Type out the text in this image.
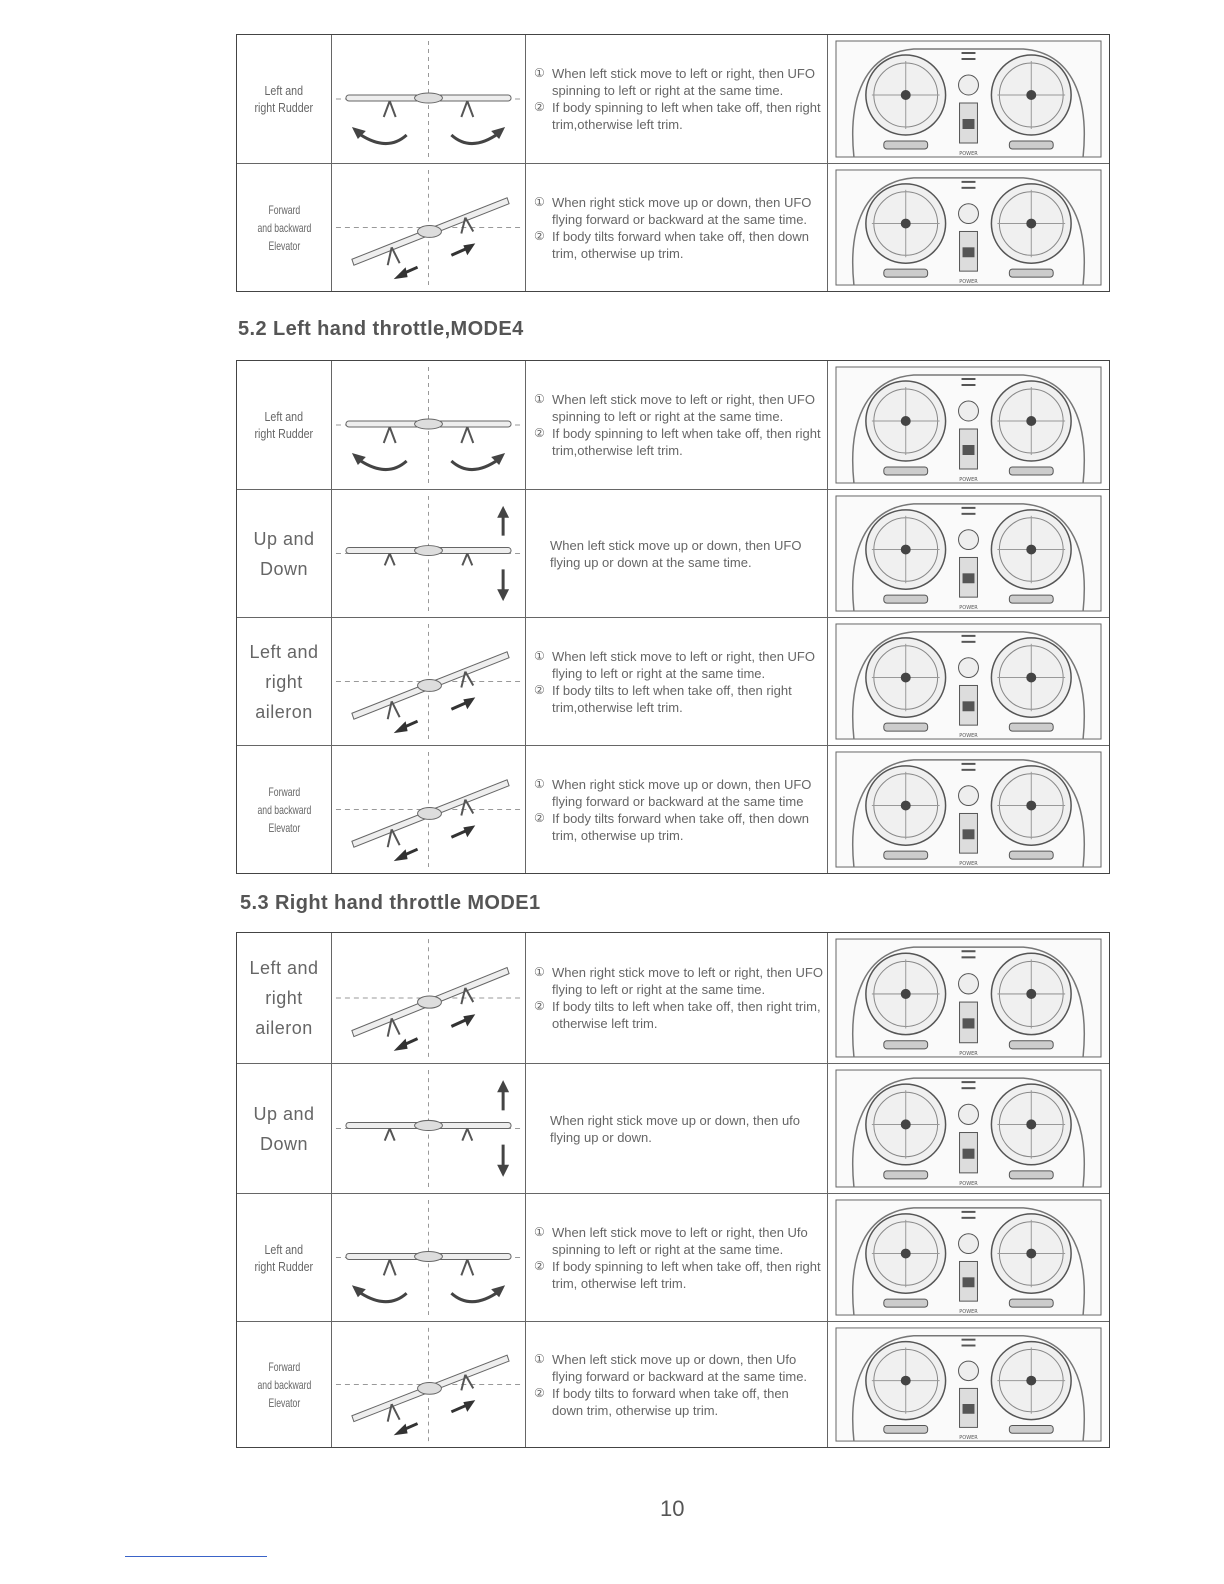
Left and
right Rudder
① When left stick move to left or right, then UFO spinning to left or right at the same time.
② If body spinning to left when take off, then right trim,otherwise left trim.
POWER
Forward
and backward
Elevator
① When right stick move up or down, then UFO flying forward or backward at the same time.
② If body tilts forward when take off, then down trim, otherwise up trim.
POWER
5.2 Left hand throttle,MODE4
Left and
right Rudder
① When left stick move to left or right, then UFO spinning to left or right at the same time.
② If body spinning to left when take off, then right trim,otherwise left trim.
POWER
Up and
Down
When left stick move up or down, then UFO flying up or down at the same time.
POWER
Left and
right
aileron
① When left stick move to left or right, then UFO flying to left or right at the same time.
② If body tilts to left when take off, then right trim,otherwise left trim.
POWER
Forward
and backward
Elevator
① When right stick move up or down, then UFO flying forward or backward at the same time
② If body tilts forward when take off, then down trim, otherwise up trim.
POWER
5.3 Right hand throttle MODE1
Left and
right
aileron
① When right stick move to left or right, then UFO flying to left or right at the same time.
② If body tilts to left when take off, then right trim, otherwise left trim.
POWER
Up and
Down
When right stick move up or down, then ufo flying up or down.
POWER
Left and
right Rudder
① When left stick move to left or right, then Ufo spinning to left or right at the same time.
② If body spinning to left when take off, then right trim, otherwise left trim.
POWER
Forward
and backward
Elevator
① When left stick move up or down, then Ufo flying forward or backward at the same time.
② If body tilts to forward when take off, then down trim, otherwise up trim.
POWER
10
